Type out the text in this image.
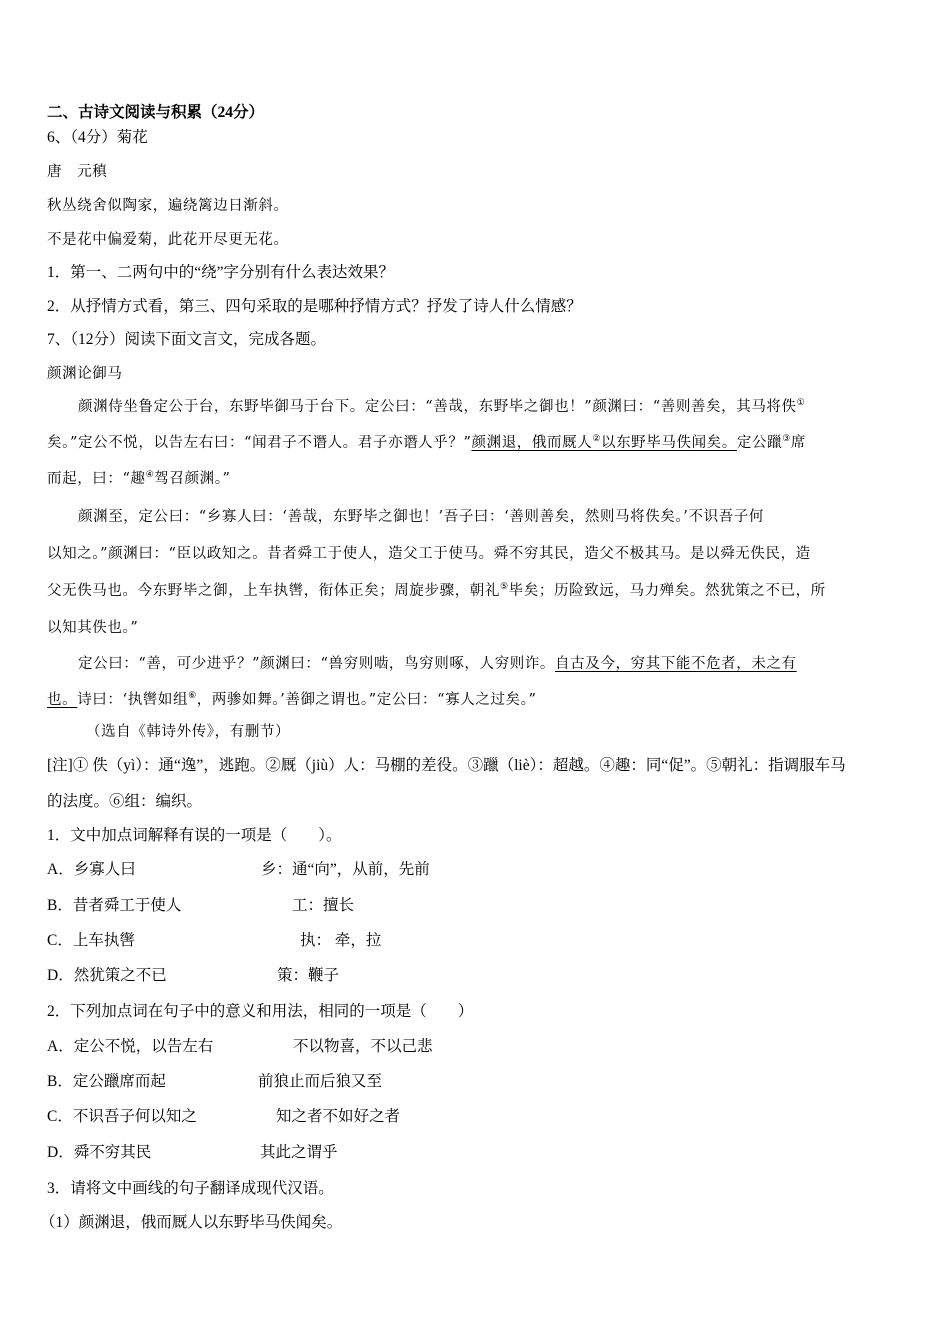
二、古诗文阅读与积累（24分）
6、（4分）菊花
唐　元稹
秋丛绕舍似陶家，遍绕篱边日渐斜。
不是花中偏爱菊，此花开尽更无花。
1．第一、二两句中的“绕”字分别有什么表达效果？
2．从抒情方式看，第三、四句采取的是哪种抒情方式？抒发了诗人什么情感？
7、（12分）阅读下面文言文，完成各题。
颜渊论御马
颜渊侍坐鲁定公于台，东野毕御马于台下。定公曰：“善哉，东野毕之御也！”颜渊曰：“善则善矣，其马将佚①
矣。”定公不悦，以告左右曰：“闻君子不谮人。君子亦谮人乎？”颜渊退，俄而厩人②以东野毕马佚闻矣。定公躐③席
而起，曰：“趣④驾召颜渊。”
颜渊至，定公曰：“乡寡人曰：‘善哉，东野毕之御也！’吾子曰：‘善则善矣，然则马将佚矣。’不识吾子何
以知之。”颜渊曰：“臣以政知之。昔者舜工于使人，造父工于使马。舜不穷其民，造父不极其马。是以舜无佚民，造
父无佚马也。今东野毕之御，上车执辔，衔体正矣；周旋步骤，朝礼⑤毕矣；历险致远，马力殚矣。然犹策之不已，所
以知其佚也。”
定公曰：“善，可少进乎？”颜渊曰：“兽穷则啮，鸟穷则啄，人穷则诈。自古及今，穷其下能不危者，未之有
也。诗曰：‘执辔如组⑥，两骖如舞。’善御之谓也。”定公曰：“寡人之过矣。”
（选自《韩诗外传》，有删节）
[注]① 佚（yì）：通“逸”，逃跑。②厩（jiù）人：马棚的差役。③躐（liè）：超越。④趣：同“促”。⑤朝礼：指调服车马
的法度。⑥组：编织。
1．文中加点词解释有误的一项是（　　）。
A．乡寡人曰	乡：通“向”，从前，先前
B．昔者舜工于使人	工：擅长
C．上车执辔	执： 牵，拉
D．然犹策之不已	策：鞭子
2．下列加点词在句子中的意义和用法，相同的一项是（　　）
A．定公不悦，以告左右	不以物喜，不以己悲
B．定公躐席而起	前狼止而后狼又至
C．不识吾子何以知之	知之者不如好之者
D．舜不穷其民	其此之谓乎
3．请将文中画线的句子翻译成现代汉语。
（1）颜渊退，俄而厩人以东野毕马佚闻矣。
